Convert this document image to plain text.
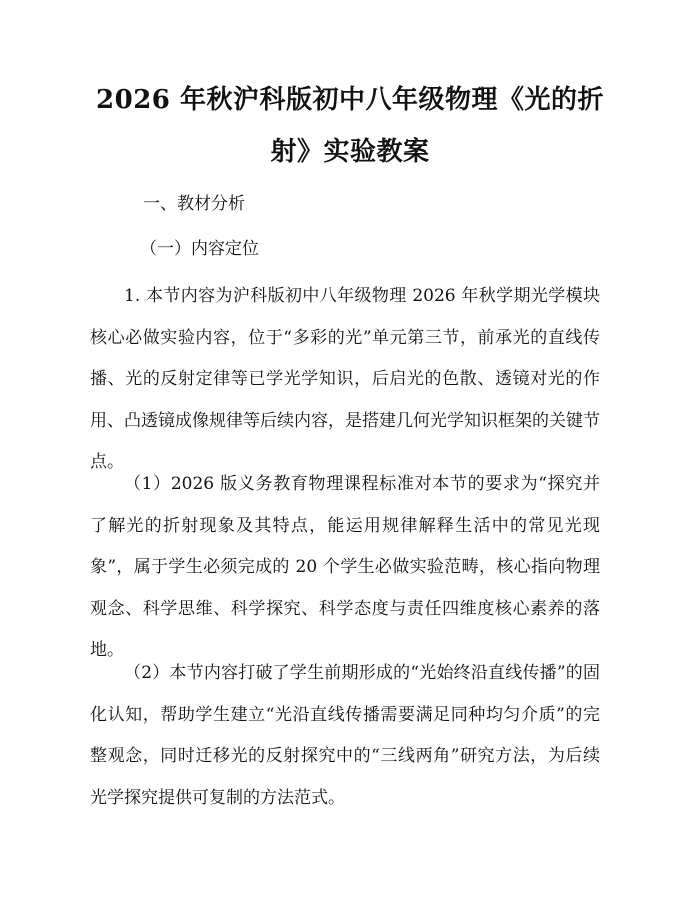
2026 年秋沪科版初中八年级物理《光的折射》实验教案
一、教材分析
（一）内容定位

1. 本节内容为沪科版初中八年级物理 2026 年秋学期光学模块核心必做实验内容，位于“多彩的光”单元第三节，前承光的直线传播、光的反射定律等已学光学知识，后启光的色散、透镜对光的作用、凸透镜成像规律等后续内容，是搭建几何光学知识框架的关键节点。

（1）2026 版义务教育物理课程标准对本节的要求为“探究并了解光的折射现象及其特点，能运用规律解释生活中的常见光现象”，属于学生必须完成的 20 个学生必做实验范畴，核心指向物理观念、科学思维、科学探究、科学态度与责任四维度核心素养的落地。

（2）本节内容打破了学生前期形成的“光始终沿直线传播”的固化认知，帮助学生建立“光沿直线传播需要满足同种均匀介质”的完整观念，同时迁移光的反射探究中的“三线两角”研究方法，为后续光学探究提供可复制的方法范式。
